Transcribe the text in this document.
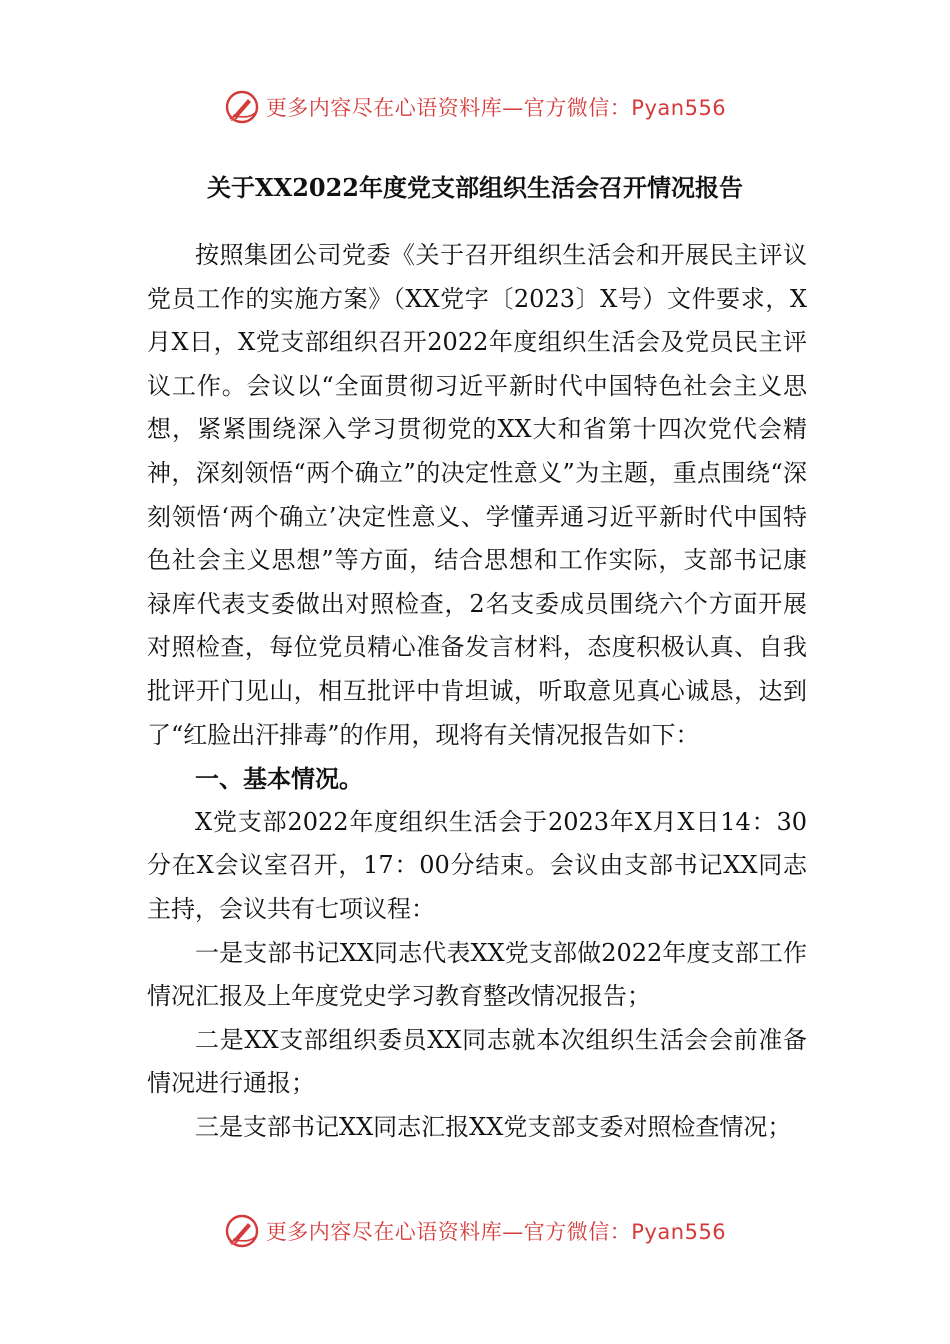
更多内容尽在心语资料库—官方微信：Pyan556
关于XX2022年度党支部组织生活会召开情况报告

按照集团公司党委《关于召开组织生活会和开展民主评议党员工作的实施方案》（XX党字〔2023〕X号）文件要求，X月X日，X党支部组织召开2022年度组织生活会及党员民主评议工作。会议以“全面贯彻习近平新时代中国特色社会主义思想，紧紧围绕深入学习贯彻党的XX大和省第十四次党代会精神，深刻领悟“两个确立”的决定性意义”为主题，重点围绕“深刻领悟‘两个确立’决定性意义、学懂弄通习近平新时代中国特色社会主义思想”等方面，结合思想和工作实际，支部书记康禄库代表支委做出对照检查，2名支委成员围绕六个方面开展对照检查，每位党员精心准备发言材料，态度积极认真、自我批评开门见山，相互批评中肯坦诚，听取意见真心诚恳，达到了“红脸出汗排毒”的作用，现将有关情况报告如下：

一、基本情况。

X党支部2022年度组织生活会于2023年X月X日14：30分在X会议室召开，17：00分结束。会议由支部书记XX同志主持，会议共有七项议程：

一是支部书记XX同志代表XX党支部做2022年度支部工作情况汇报及上年度党史学习教育整改情况报告；

二是XX支部组织委员XX同志就本次组织生活会会前准备情况进行通报；

三是支部书记XX同志汇报XX党支部支委对照检查情况；

更多内容尽在心语资料库—官方微信：Pyan556
